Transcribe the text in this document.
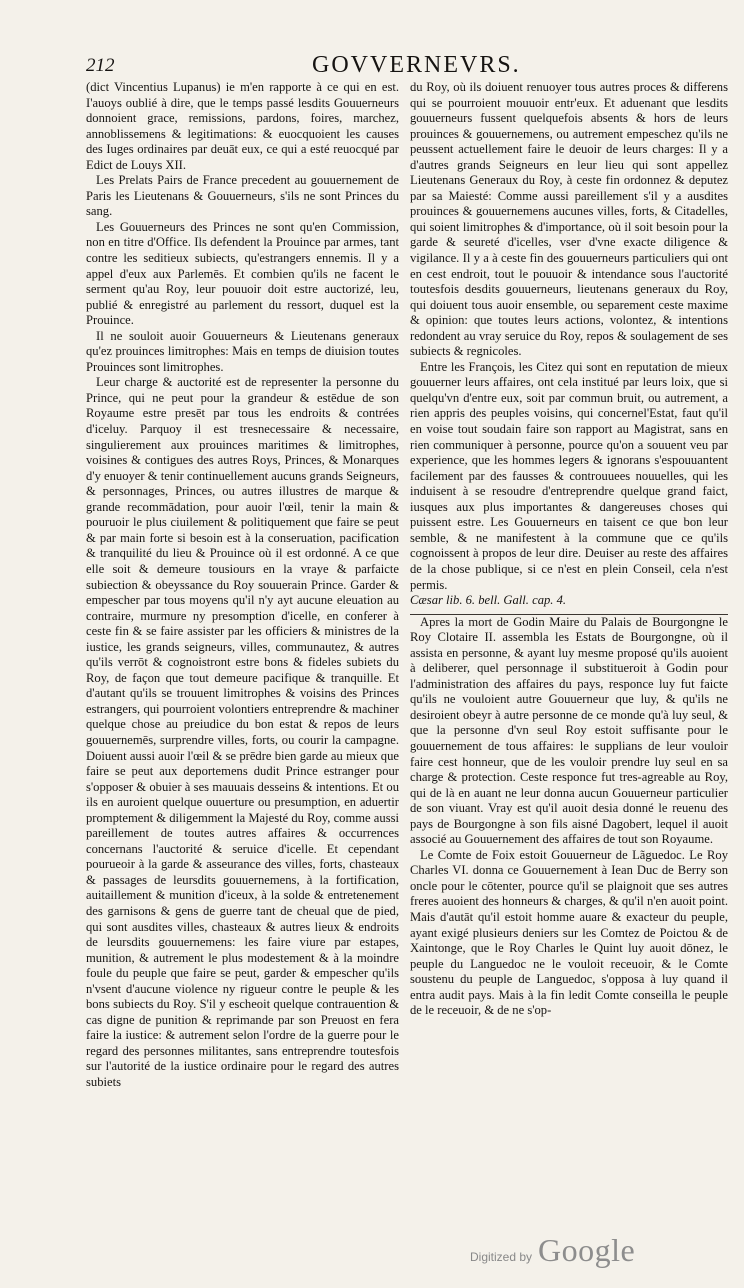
212	GOVVERNEVRS.

(dict Vincentius Lupanus) ie m'en rapporte à ce qui en est. I'auoys oublié à dire, que le temps passé lesdits Gouuerneurs donnoient grace, remissions, pardons, foires, marchez, annoblissemens & legitimations: & euocquoient les causes des Iuges ordinaires par deuāt eux, ce qui a esté reuocqué par Edict de Louys XII.

Les Prelats Pairs de France precedent au gouuernement de Paris les Lieutenans & Gouuerneurs, s'ils ne sont Princes du sang.

Les Gouuerneurs des Princes ne sont qu'en Commission, non en titre d'Office. Ils defendent la Prouince par armes, tant contre les seditieux subiects, qu'estrangers ennemis. Il y a appel d'eux aux Parlemēs. Et combien qu'ils ne facent le serment qu'au Roy, leur pouuoir doit estre auctorizé, leu, publié & enregistré au parlement du ressort, duquel est la Prouince.

Il ne souloit auoir Gouuerneurs & Lieutenans generaux qu'ez prouinces limitrophes: Mais en temps de diuision toutes Prouinces sont limitrophes.

Leur charge & auctorité est de representer la personne du Prince, qui ne peut pour la grandeur & estēdue de son Royaume estre presēt par tous les endroits & contrées d'iceluy. Parquoy il est tresnecessaire & necessaire, singulierement aux prouinces maritimes & limitrophes, voisines & contigues des autres Roys, Princes, & Monarques d'y enuoyer & tenir continuellement aucuns grands Seigneurs, & personnages, Princes, ou autres illustres de marque & grande recommādation, pour auoir l'œil, tenir la main & pouruoir le plus ciuilement & politiquement que faire se peut & par main forte si besoin est à la conseruation, pacification & tranquilité du lieu & Prouince où il est ordonné. A ce que elle soit & demeure tousiours en la vraye & parfaicte subiection & obeyssance du Roy souuerain Prince. Garder & empescher par tous moyens qu'il n'y ayt aucune eleuation au contraire, murmure ny presomption d'icelle, en conferer à ceste fin & se faire assister par les officiers & ministres de la iustice, les grands seigneurs, villes, communautez, & autres qu'ils verrōt & cognoistront estre bons & fideles subiets du Roy, de façon que tout demeure pacifique & tranquille. Et d'autant qu'ils se trouuent limitrophes & voisins des Princes estrangers, qui pourroient volontiers entreprendre & machiner quelque chose au preiudice du bon estat & repos de leurs gouuernemēs, surprendre villes, forts, ou courir la campagne. Doiuent aussi auoir l'œil & se prēdre bien garde au mieux que faire se peut aux deportemens dudit Prince estranger pour s'opposer & obuier à ses mauuais desseins & intentions. Et ou ils en auroient quelque ouuerture ou presumption, en aduertir promptement & diligemment la Majesté du Roy, comme aussi pareillement de toutes autres affaires & occurrences concernans l'auctorité & seruice d'icelle. Et cependant pourueoir à la garde & asseurance des villes, forts, chasteaux & passages de leursdits gouuernemens, à la fortification, auitaillement & munition d'iceux, à la solde & entretenement des garnisons & gens de guerre tant de cheual que de pied, qui sont ausdites villes, chasteaux & autres lieux & endroits de leursdits gouuernemens: les faire viure par estapes, munition, & autrement le plus modestement & à la moindre foule du peuple que faire se peut, garder & empescher qu'ils n'vsent d'aucune violence ny rigueur contre le peuple & les bons subiects du Roy. S'il y escheoit quelque contrauention & cas digne de punition & reprimande par son Preuost en fera faire la iustice: & autrement selon l'ordre de la guerre pour le regard des personnes militantes, sans entreprendre toutesfois sur l'autorité de la iustice ordinaire pour le regard des autres subiets

du Roy, où ils doiuent renuoyer tous autres proces & differens qui se pourroient mouuoir entr'eux. Et aduenant que lesdits gouuerneurs fussent quelquefois absents & hors de leurs prouinces & gouuernemens, ou autrement empeschez qu'ils ne peussent actuellement faire le deuoir de leurs charges: Il y a d'autres grands Seigneurs en leur lieu qui sont appellez Lieutenans Generaux du Roy, à ceste fin ordonnez & deputez par sa Maiesté: Comme aussi pareillement s'il y a ausdites prouinces & gouuernemens aucunes villes, forts, & Citadelles, qui soient limitrophes & d'importance, où il soit besoin pour la garde & seureté d'icelles, vser d'vne exacte diligence & vigilance. Il y a à ceste fin des gouuerneurs particuliers qui ont en cest endroit, tout le pouuoir & intendance sous l'auctorité toutesfois desdits gouuerneurs, lieutenans generaux du Roy, qui doiuent tous auoir ensemble, ou separement ceste maxime & opinion: que toutes leurs actions, volontez, & intentions redondent au vray seruice du Roy, repos & soulagement de ses subiects & regnicoles.

Entre les François, les Citez qui sont en reputation de mieux gouuerner leurs affaires, ont cela institué par leurs loix, que si quelqu'vn d'entre eux, soit par commun bruit, ou autrement, a rien appris des peuples voisins, qui concernel'Estat, faut qu'il en voise tout soudain faire son rapport au Magistrat, sans en rien communiquer à personne, pource qu'on a souuent veu par experience, que les hommes legers & ignorans s'espouuantent facilement par des fausses & controuuees nouuelles, qui les induisent à se resoudre d'entreprendre quelque grand faict, iusques aux plus importantes & dangereuses choses qui puissent estre. Les Gouuerneurs en taisent ce que bon leur semble, & ne manifestent à la commune que ce qu'ils cognoissent à propos de leur dire. Deuiser au reste des affaires de la chose publique, si ce n'est en plein Conseil, cela n'est permis.

Cæsar lib. 6. bell. Gall. cap. 4.

Apres la mort de Godin Maire du Palais de Bourgongne le Roy Clotaire II. assembla les Estats de Bourgongne, où il assista en personne, & ayant luy mesme proposé qu'ils auoient à deliberer, quel personnage il substitueroit à Godin pour l'administration des affaires du pays, responce luy fut faicte qu'ils ne vouloient autre Gouuerneur que luy, & qu'ils ne desiroient obeyr à autre personne de ce monde qu'à luy seul, & que la personne d'vn seul Roy estoit suffisante pour le gouuernement de tous affaires: le supplians de leur vouloir faire cest honneur, que de les vouloir prendre luy seul en sa charge & protection. Ceste responce fut tres-agreable au Roy, qui de là en auant ne leur donna aucun Gouuerneur particulier de son viuant. Vray est qu'il auoit desia donné le reuenu des pays de Bourgongne à son fils aisné Dagobert, lequel il auoit associé au Gouuernement des affaires de tout son Royaume.

Le Comte de Foix estoit Gouuerneur de Lãguedoc. Le Roy Charles VI. donna ce Gouuernement à Iean Duc de Berry son oncle pour le cōtenter, pource qu'il se plaignoit que ses autres freres auoient des honneurs & charges, & qu'il n'en auoit point. Mais d'autāt qu'il estoit homme auare & exacteur du peuple, ayant exigé plusieurs deniers sur les Comtez de Poictou & de Xaintonge, que le Roy Charles le Quint luy auoit dōnez, le peuple du Languedoc ne le vouloit receuoir, & le Comte soustenu du peuple de Languedoc, s'opposa à luy quand il entra audit pays. Mais à la fin ledit Comte conseilla le peuple de le receuoir, & de ne s'op-

Digitized by Google
